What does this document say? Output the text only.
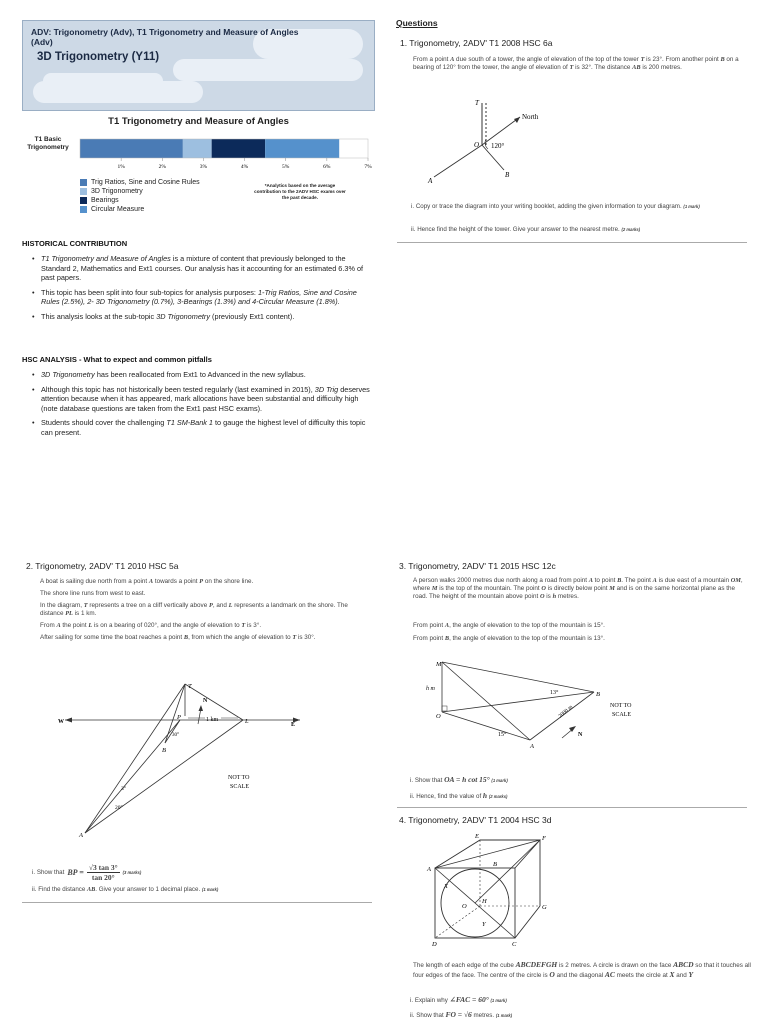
ADV: Trigonometry (Adv), T1 Trigonometry and Measure of Angles (Adv)
3D Trigonometry (Y11)
T1 Trigonometry and Measure of Angles
T1 Basic Trigonometry
1%	2%	3%	4%	5%	6%	7%
Trig Ratios, Sine and Cosine Rules
3D Trigonometry
Bearings
Circular Measure
*Analytics based on the average contribution to the 2ADV HSC exams over the past decade.
HISTORICAL CONTRIBUTION
• T1 Trigonometry and Measure of Angles is a mixture of content that previously belonged to the Standard 2, Mathematics and Ext1 courses. Our analysis has it accounting for an estimated 6.3% of past papers.
• This topic has been split into four sub-topics for analysis purposes: 1-Trig Ratios, Sine and Cosine Rules (2.5%), 2- 3D Trigonometry (0.7%), 3-Bearings (1.3%) and 4-Circular Measure (1.8%).
• This analysis looks at the sub-topic 3D Trigonometry (previously Ext1 content).
HSC ANALYSIS - What to expect and common pitfalls
• 3D Trigonometry has been reallocated from Ext1 to Advanced in the new syllabus.
• Although this topic has not historically been tested regularly (last examined in 2015), 3D Trig deserves attention because when it has appeared, mark allocations have been substantial and difficulty high (note database questions are taken from the Ext1 past HSC exams).
• Students should cover the challenging T1 SM-Bank 1 to gauge the highest level of difficulty this topic can present.
Questions
1. Trigonometry, 2ADV' T1 2008 HSC 6a
From a point A due south of a tower, the angle of elevation of the top of the tower T is 23°. From another point B on a bearing of 120° from the tower, the angle of elevation of T is 32°. The distance AB is 200 metres.
T
O
A
B
North
120°
i. Copy or trace the diagram into your writing booklet, adding the given information to your diagram. (1 mark)
ii. Hence find the height of the tower. Give your answer to the nearest metre. (2 marks)
2. Trigonometry, 2ADV' T1 2010 HSC 5a
A boat is sailing due north from a point A towards a point P on the shore line.
The shore line runs from west to east.
In the diagram, T represents a tree on a cliff vertically above P, and L represents a landmark on the shore. The distance PL is 1 km.
From A the point L is on a bearing of 020°, and the angle of elevation to T is 3°.
After sailing for some time the boat reaches a point B, from which the angle of elevation to T is 30°.
W	E
N
T
P
L
B
A
1 km
20°
3°
30°
NOT TO
SCALE
i. Show that BP = $\frac{√3 \tan 3^\circ}{\tan 20^\circ} (3$ marks)
ii. Find the distance AB. Give your answer to 1 decimal place. (1 mark)
3. Trigonometry, 2ADV' T1 2015 HSC 12c
A person walks 2000 metres due north along a road from point A to point B. The point A is due east of a mountain OM, where M is the top of the mountain. The point O is directly below point M and is on the same horizontal plane as the road. The height of the mountain above point O is h metres.
From point A, the angle of elevation to the top of the mountain is 15°.
From point B, the angle of elevation to the top of the mountain is 13°.
M
O
A
B
h m
13°
15°
2000 m
N
NOT TO
SCALE
i. Show that OA = h cot 15° (1 mark)
ii. Hence, find the value of h (2 marks)
4. Trigonometry, 2ADV' T1 2004 HSC 3d
A
B
C
D
E	F
G
H
O
X
Y
The length of each edge of the cube ABCDEFGH is 2 metres. A circle is drawn on the face ABCD so that it touches all four edges of the face. The centre of the circle is O and the diagonal AC meets the circle at X and Y
i. Explain why ∠FAC = 60° (1 mark)
ii. Show that FO = √6 metres. (1 mark)
